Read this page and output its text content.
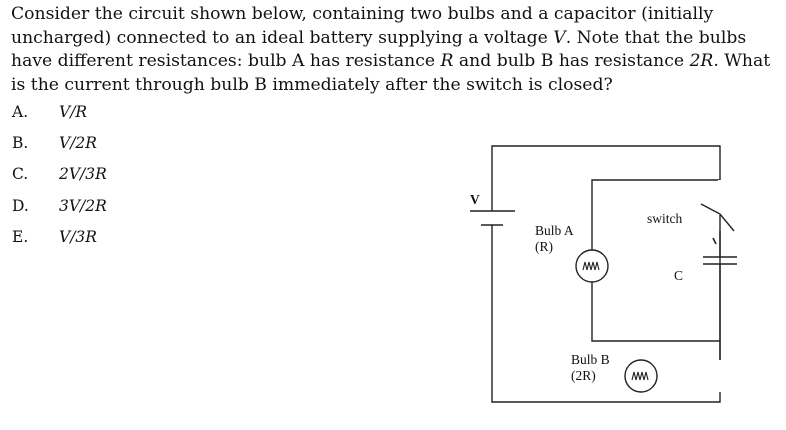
Consider the circuit shown below, containing two bulbs and a capacitor (initially uncharged) connected to an ideal battery supplying a voltage V. Note that the bulbs have different resistances: bulb A has resistance R and bulb B has resistance 2R. What is the current through bulb B immediately after the switch is closed?

A. V/R
B. V/2R
C. 2V/3R
D. 3V/2R
E. V/3R
V
Bulb A
(R)
switch
C
Bulb B
(2R)
